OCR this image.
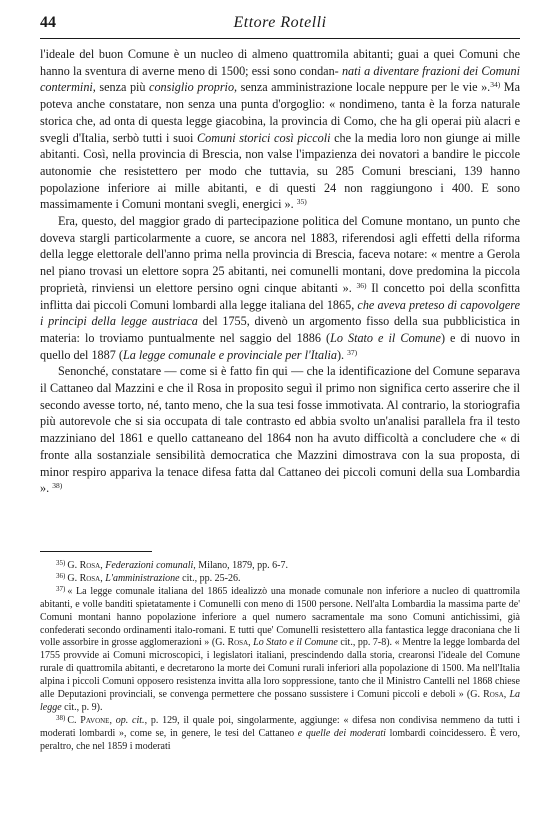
44	Ettore Rotelli

l'ideale del buon Comune è un nucleo di almeno quattromila abitanti; guai a quei Comuni che hanno la sventura di averne meno di 1500; essi sono condan- nati a diventare frazioni dei Comuni contermini, senza più consiglio proprio, senza amministrazione locale neppure per le vie ».$^{34)}$ Ma poteva anche constatare, non senza una punta d'orgoglio: « nondimeno, tanta è la forza naturale storica che, ad onta di questa legge giacobina, la provincia di Como, che ha gli operai più alacri e svegli d'Italia, serbò tutti i suoi Comuni storici così piccoli che la media loro non giunge ai mille abitanti. Così, nella provincia di Brescia, non valse l'impazienza dei novatori a bandire le piccole autonomie che resistettero per modo che tuttavia, su 285 Comuni bresciani, 139 hanno popolazione inferiore ai mille abitanti, e di questi 24 non raggiungono i 400. E sono massimamente i Comuni montani svegli, energici ». $^{35)}$

Era, questo, del maggior grado di partecipazione politica del Comune montano, un punto che doveva stargli particolarmente a cuore, se ancora nel 1883, riferendosi agli effetti della riforma della legge elettorale dell'anno prima nella provincia di Brescia, faceva notare: « mentre a Gerola nel piano trovasi un elettore sopra 25 abitanti, nei comunelli montani, dove predomina la piccola proprietà, rinviensi un elettore persino ogni cinque abitanti ». $^{36)}$ Il concetto poi della sconfitta inflitta dai piccoli Comuni lombardi alla legge italiana del 1865, che aveva preteso di capovolgere i principi della legge austriaca del 1755, divenò un argomento fisso della sua pubblicistica in materia: lo troviamo puntualmente nel saggio del 1886 (Lo Stato e il Comune) e di nuovo in quello del 1887 (La legge comunale e provinciale per l'Italia). $^{37)}$

Senonché, constatare — come si è fatto fin qui — che la identificazione del Comune separava il Cattaneo dal Mazzini e che il Rosa in proposito seguì il primo non significa certo asserire che il secondo avesse torto, né, tanto meno, che la sua tesi fosse immotivata. Al contrario, la storiografia più autorevole che si sia occupata di tale contrasto ed abbia svolto un'analisi parallela fra il testo mazziniano del 1861 e quello cattaneano del 1864 non ha avuto difficoltà a concludere che « di fronte alla sostanziale sensibilità democratica che Mazzini dimostrava con la sua proposta, di minor respiro appariva la tenace difesa fatta dal Cattaneo dei piccoli comuni della sua Lombardia ». $^{38)}$

$^{35)}$ G. Rosa, Federazioni comunali, Milano, 1879, pp. 6-7.

$^{36)}$ G. Rosa, L'amministrazione cit., pp. 25-26.

$^{37)}$ « La legge comunale italiana del 1865 idealizzò una monade comunale non inferiore a nucleo di quattromila abitanti, e volle banditi spietatamente i Comunelli con meno di 1500 persone. Nell'alta Lombardia la massima parte de' Comuni montani hanno popolazione inferiore a quel numero sacramentale ma sono Comuni antichissimi, già confederati secondo ordinamenti italo-romani. E tutti que' Comunelli resistettero alla fantastica legge draconiana che li volle assorbire in grosse agglomerazioni » (G. Rosa, Lo Stato e il Comune cit., pp. 7-8). « Mentre la legge lombarda del 1755 provvide ai Comuni microscopici, i legislatori italiani, prescindendo dalla storia, crearonsi l'ideale del Comune rurale di quattromila abitanti, e decretarono la morte dei Comuni rurali inferiori alla popolazione di 1500. Ma nell'Italia alpina i piccoli Comuni opposero resistenza invitta alla loro soppressione, tanto che il Ministro Cantelli nel 1868 chiese alle Deputazioni provinciali, se convenga permettere che possano sussistere i Comuni piccoli e deboli » (G. Rosa, La legge cit., p. 9).

$^{38)}$ C. Pavone, op. cit., p. 129, il quale poi, singolarmente, aggiunge: « difesa non condivisa nemmeno da tutti i moderati lombardi », come se, in genere, le tesi del Cattaneo e quelle dei moderati lombardi coincidessero. È vero, peraltro, che nel 1859 i moderati
